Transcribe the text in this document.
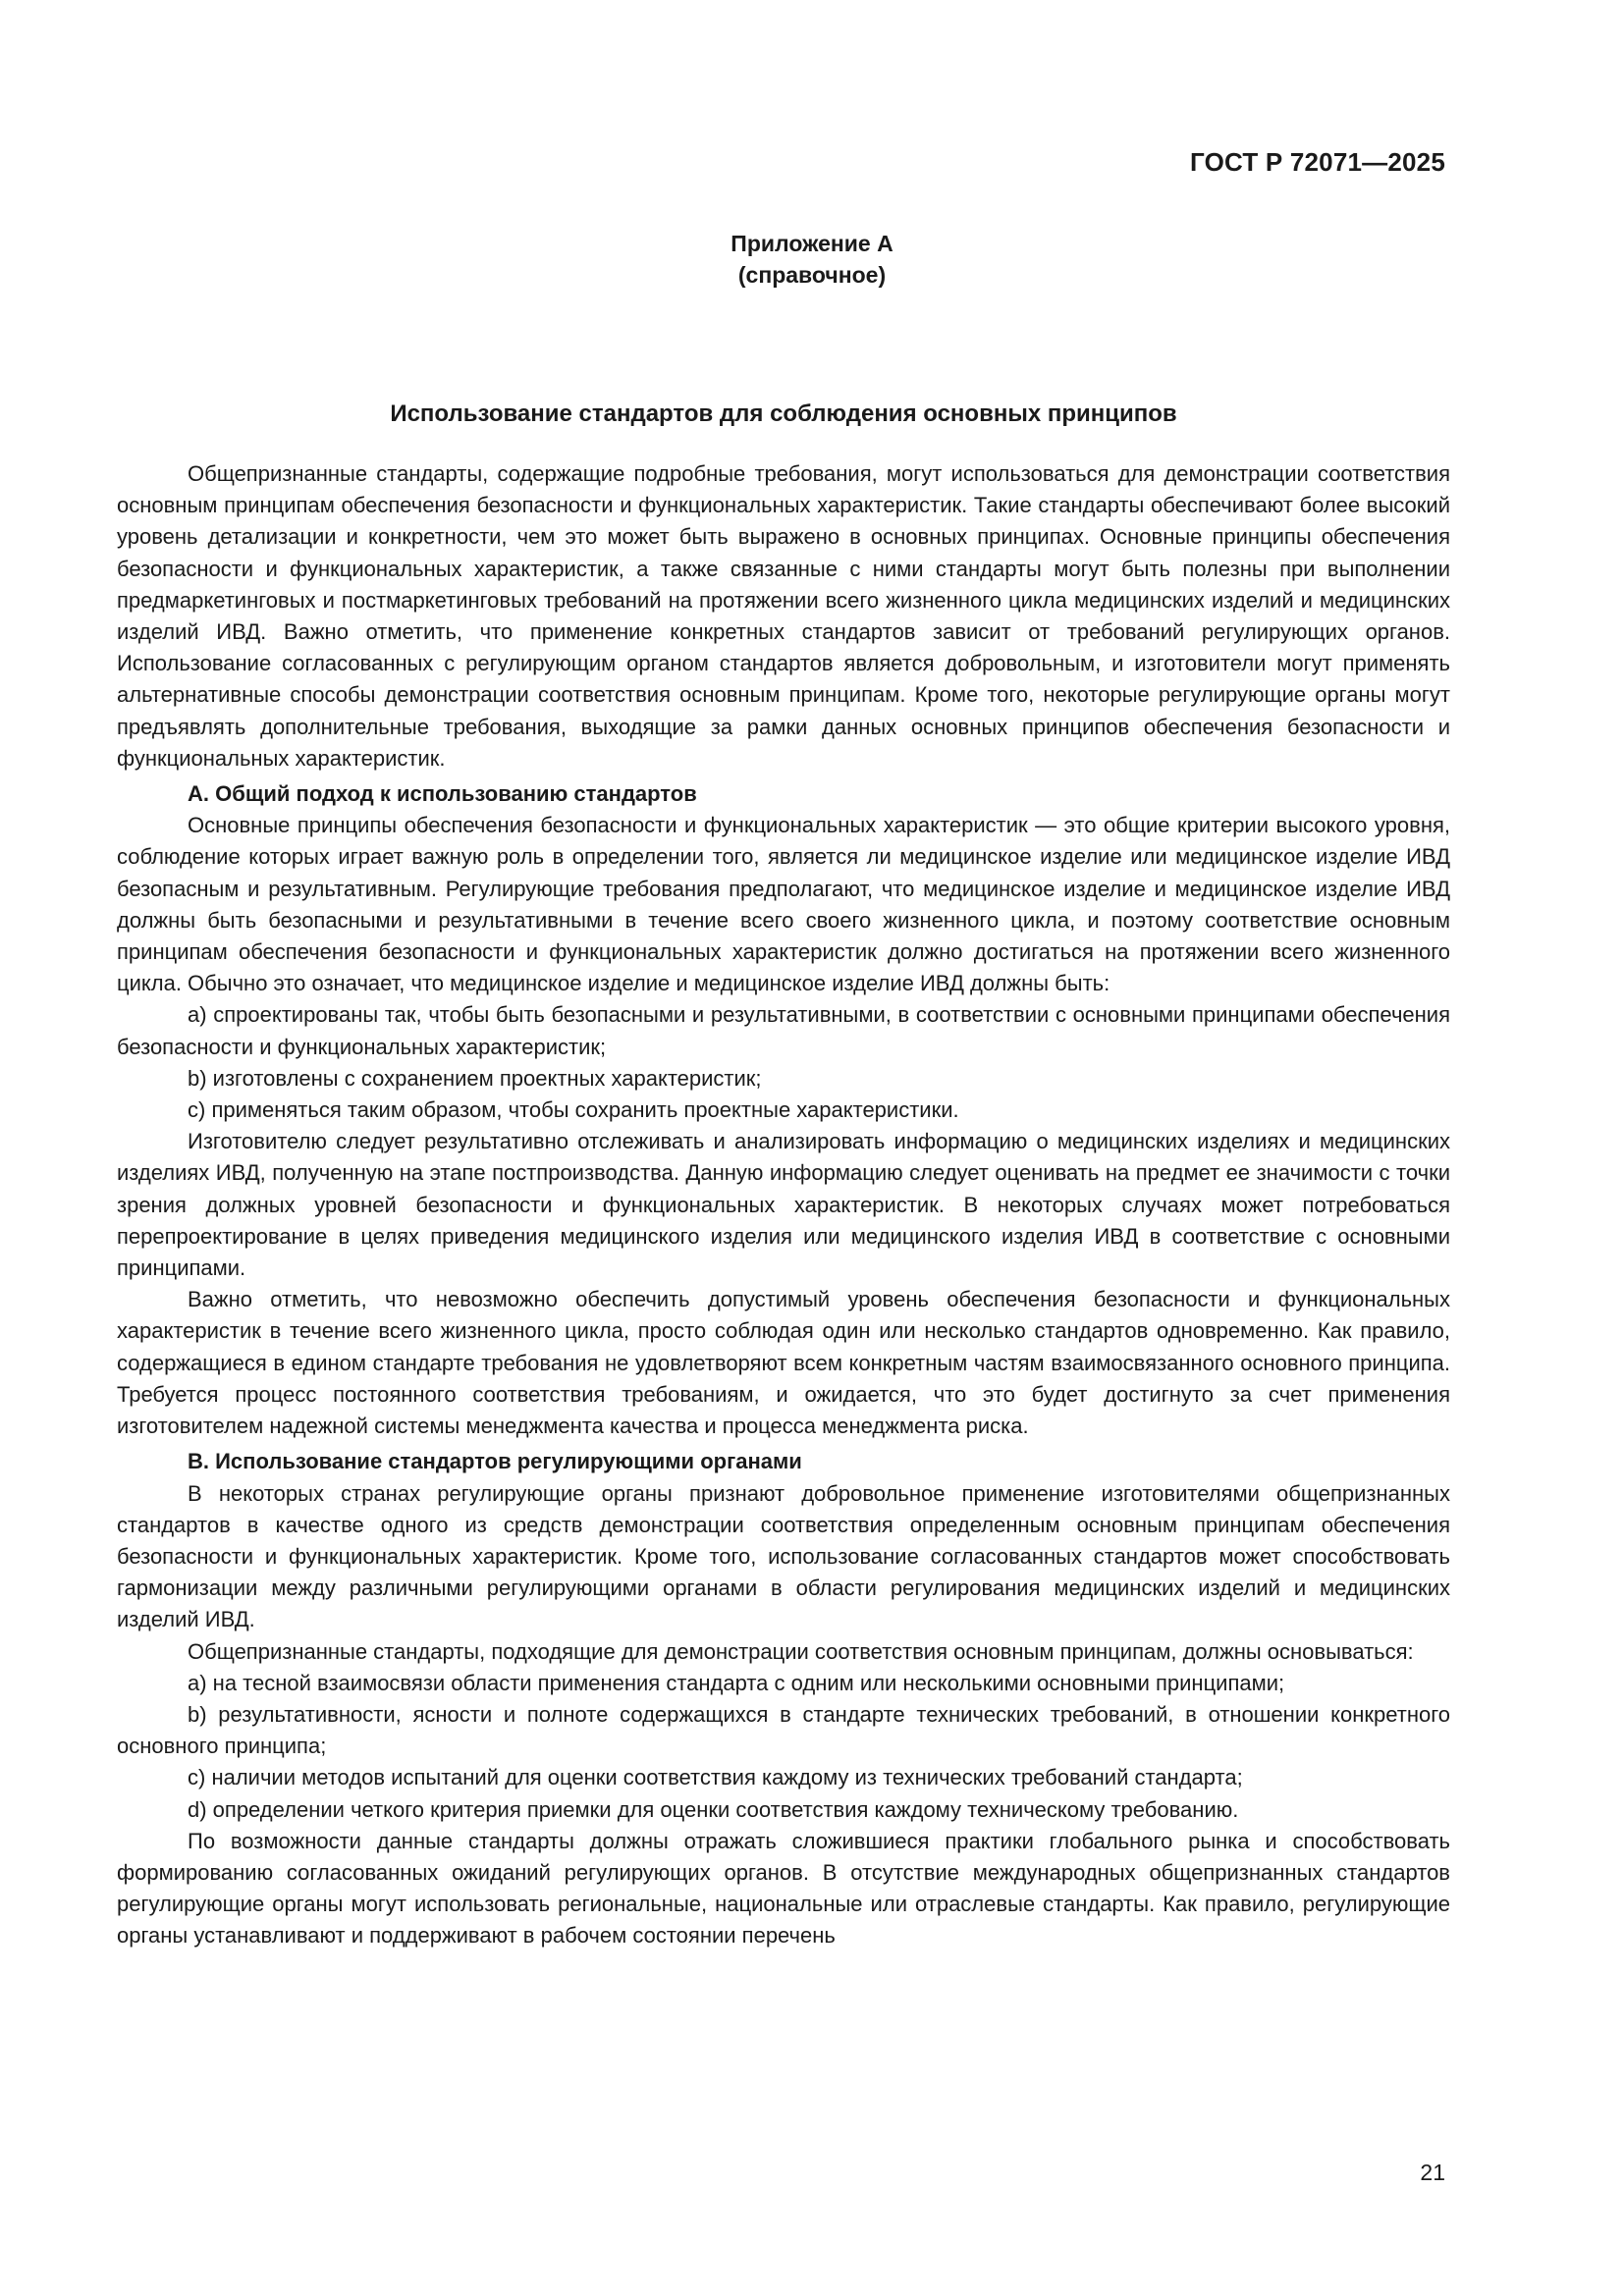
ГОСТ Р 72071—2025
Приложение А
(справочное)
Использование стандартов для соблюдения основных принципов

Общепризнанные стандарты, содержащие подробные требования, могут использоваться для демонстрации соответствия основным принципам обеспечения безопасности и функциональных характеристик. Такие стандарты обеспечивают более высокий уровень детализации и конкретности, чем это может быть выражено в основных принципах. Основные принципы обеспечения безопасности и функциональных характеристик, а также связанные с ними стандарты могут быть полезны при выполнении предмаркетинговых и постмаркетинговых требований на протяжении всего жизненного цикла медицинских изделий и медицинских изделий ИВД. Важно отметить, что применение конкретных стандартов зависит от требований регулирующих органов. Использование согласованных с регулирующим органом стандартов является добровольным, и изготовители могут применять альтернативные способы демонстрации соответствия основным принципам. Кроме того, некоторые регулирующие органы могут предъявлять дополнительные требования, выходящие за рамки данных основных принципов обеспечения безопасности и функциональных характеристик.

А. Общий подход к использованию стандартов

Основные принципы обеспечения безопасности и функциональных характеристик — это общие критерии высокого уровня, соблюдение которых играет важную роль в определении того, является ли медицинское изделие или медицинское изделие ИВД безопасным и результативным. Регулирующие требования предполагают, что медицинское изделие и медицинское изделие ИВД должны быть безопасными и результативными в течение всего своего жизненного цикла, и поэтому соответствие основным принципам обеспечения безопасности и функциональных характеристик должно достигаться на протяжении всего жизненного цикла. Обычно это означает, что медицинское изделие и медицинское изделие ИВД должны быть:

a) спроектированы так, чтобы быть безопасными и результативными, в соответствии с основными принципами обеспечения безопасности и функциональных характеристик;

b) изготовлены с сохранением проектных характеристик;

c) применяться таким образом, чтобы сохранить проектные характеристики.

Изготовителю следует результативно отслеживать и анализировать информацию о медицинских изделиях и медицинских изделиях ИВД, полученную на этапе постпроизводства. Данную информацию следует оценивать на предмет ее значимости с точки зрения должных уровней безопасности и функциональных характеристик. В некоторых случаях может потребоваться перепроектирование в целях приведения медицинского изделия или медицинского изделия ИВД в соответствие с основными принципами.

Важно отметить, что невозможно обеспечить допустимый уровень обеспечения безопасности и функциональных характеристик в течение всего жизненного цикла, просто соблюдая один или несколько стандартов одновременно. Как правило, содержащиеся в едином стандарте требования не удовлетворяют всем конкретным частям взаимосвязанного основного принципа. Требуется процесс постоянного соответствия требованиям, и ожидается, что это будет достигнуто за счет применения изготовителем надежной системы менеджмента качества и процесса менеджмента риска.

B. Использование стандартов регулирующими органами

В некоторых странах регулирующие органы признают добровольное применение изготовителями общепризнанных стандартов в качестве одного из средств демонстрации соответствия определенным основным принципам обеспечения безопасности и функциональных характеристик. Кроме того, использование согласованных стандартов может способствовать гармонизации между различными регулирующими органами в области регулирования медицинских изделий и медицинских изделий ИВД.

Общепризнанные стандарты, подходящие для демонстрации соответствия основным принципам, должны основываться:

a) на тесной взаимосвязи области применения стандарта с одним или несколькими основными принципами;

b) результативности, ясности и полноте содержащихся в стандарте технических требований, в отношении конкретного основного принципа;

c) наличии методов испытаний для оценки соответствия каждому из технических требований стандарта;

d) определении четкого критерия приемки для оценки соответствия каждому техническому требованию.

По возможности данные стандарты должны отражать сложившиеся практики глобального рынка и способствовать формированию согласованных ожиданий регулирующих органов. В отсутствие международных общепризнанных стандартов регулирующие органы могут использовать региональные, национальные или отраслевые стандарты. Как правило, регулирующие органы устанавливают и поддерживают в рабочем состоянии перечень

21
